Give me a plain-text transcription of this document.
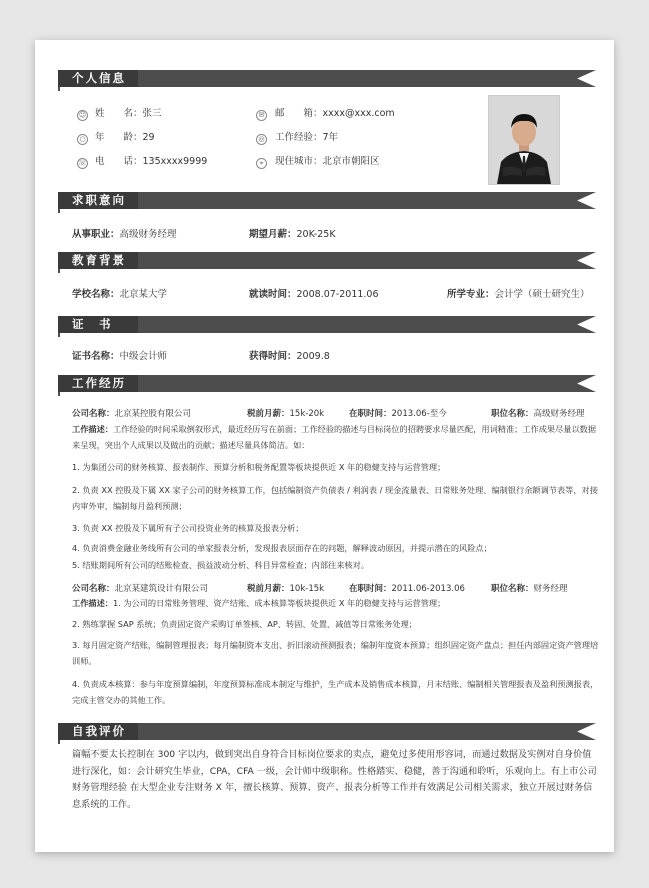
个人信息
☺ 姓　　名：张三	✉ 邮　　箱：xxxx@xxx.com
○ 年　　龄：29	◎ 工作经验：7年
☏ 电　　话：135xxxx9999	⌖	现住城市：北京市朝阳区
求职意向
从事职业：高级财务经理	期望月薪：20K-25K
教育背景
学校名称：北京某大学	就读时间：2008.07-2011.06	所学专业：会计学（硕士研究生）
证　书
证书名称：中级会计师	获得时间：2009.8
工作经历
公司名称：北京某控股有限公司	税前月薪：15k-20k	在职时间：2013.06-至今	职位名称：高级财务经理
工作描述：工作经验的时间采取倒叙形式，最近经历写在前面；工作经验的描述与目标岗位的招聘要求尽量匹配，用词精准；工作成果尽量以数据来呈现，突出个人成果以及做出的贡献；描述尽量具体简洁。如：
1. 为集团公司的财务核算、报表制作、预算分析和税务配置等板块提供近 X 年的稳健支持与运营管理；
2. 负责 XX 控股及下属 XX 家子公司的财务核算工作，包括编制资产负债表 / 利润表 / 现金流量表、日常账务处理、编制银行余额调节表等，对接内审外审，编制每月盈利预测；
3. 负责 XX 控股及下属所有子公司投资业务的核算及报表分析；
4. 负责消费金融业务线所有公司的单家报表分析，发现报表层面存在的问题，解释波动原因，并提示潜在的风险点；
5. 结账期间所有公司的结账检查、损益波动分析、科目异常检查；内部往来核对。
公司名称：北京某建筑设计有限公司	税前月薪：10k-15k	在职时间：2011.06-2013.06	职位名称：财务经理
工作描述：1. 为公司的日常账务管理、资产结账、成本核算等板块提供近 X 年的稳健支持与运营管理；
2. 熟练掌握 SAP 系统；负责固定资产采购订单签核、AP、转固、处置、减值等日常账务处理；
3. 每月固定资产结账，编制管理报表；每月编制资本支出、折旧滚动预测报表；编制年度资本预算；组织固定资产盘点；担任内部固定资产管理培训师。
4. 负责成本核算：参与年度预算编制，年度预算标准成本制定与维护，生产成本及销售成本核算，月末结账、编制相关管理报表及盈利预测报表，完成主管交办的其他工作。
自我评价
篇幅不要太长控制在 300 字以内，做到突出自身符合目标岗位要求的卖点，避免过多使用形容词，而通过数据及实例对自身价值进行深化，如：会计研究生毕业，CPA，CFA 一级，会计师中级职称。性格踏实、稳健，善于沟通和聆听，乐观向上。有上市公司财务管理经验 在大型企业专注财务 X 年，擅长核算、预算、资产、报表分析等工作并有效满足公司相关需求，独立开展过财务信息系统的工作。
